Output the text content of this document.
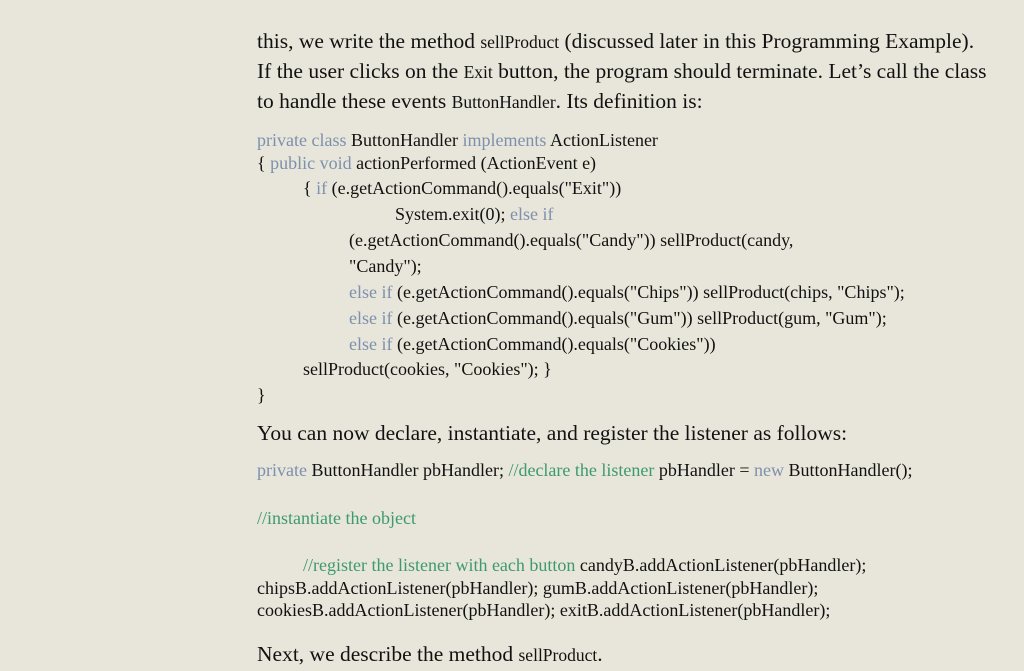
this, we write the method sellProduct (discussed later in this Programming Example).

If the user clicks on the Exit button, the program should terminate. Let’s call the class

to handle these events ButtonHandler. Its definition is:

private class ButtonHandler implements ActionListener

{ public void actionPerformed (ActionEvent e)

{ if (e.getActionCommand().equals("Exit"))

System.exit(0); else if

(e.getActionCommand().equals("Candy")) sellProduct(candy,

"Candy");

else if (e.getActionCommand().equals("Chips")) sellProduct(chips, "Chips");

else if (e.getActionCommand().equals("Gum")) sellProduct(gum, "Gum");

else if (e.getActionCommand().equals("Cookies"))

sellProduct(cookies, "Cookies"); }

}

You can now declare, instantiate, and register the listener as follows:

private ButtonHandler pbHandler; //declare the listener pbHandler = new ButtonHandler();

//instantiate the object

//register the listener with each button candyB.addActionListener(pbHandler);

chipsB.addActionListener(pbHandler); gumB.addActionListener(pbHandler);

cookiesB.addActionListener(pbHandler); exitB.addActionListener(pbHandler);

Next, we describe the method sellProduct.
